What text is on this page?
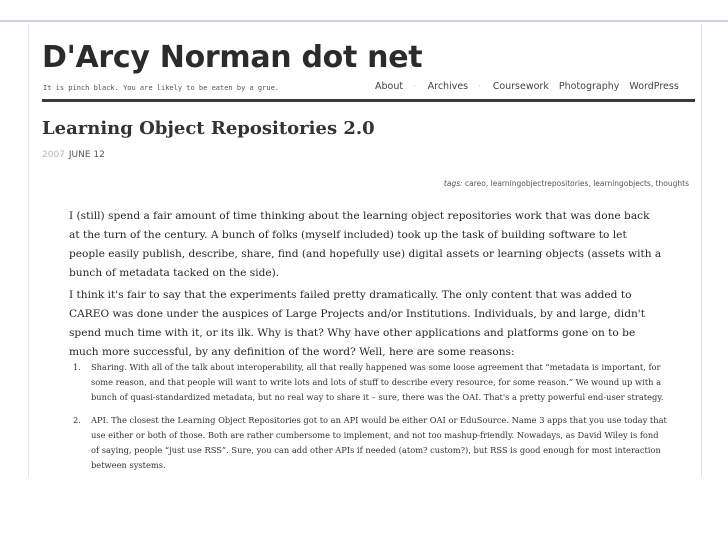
D'Arcy Norman dot net
It is pinch black. You are likely to be eaten by a grue.	About · Archives · Coursework Photography WordPress
Learning Object Repositories 2.0
2007 JUNE 12
tags: careo, learningobjectrepositories, learningobjects, thoughts

I (still) spend a fair amount of time thinking about the learning object repositories work that was done back at the turn of the century. A bunch of folks (myself included) took up the task of building software to let people easily publish, describe, share, find (and hopefully use) digital assets or learning objects (assets with a bunch of metadata tacked on the side).

I think it's fair to say that the experiments failed pretty dramatically. The only content that was added to CAREO was done under the auspices of Large Projects and/or Institutions. Individuals, by and large, didn't spend much time with it, or its ilk. Why is that? Why have other applications and platforms gone on to be much more successful, by any definition of the word? Well, here are some reasons:

1. Sharing. With all of the talk about interoperability, all that really happened was some loose agreement that “metadata is important, for some reason, and that people will want to write lots and lots of stuff to describe every resource, for some reason.” We wound up with a bunch of quasi-standardized metadata, but no real way to share it – sure, there was the OAI. That's a pretty powerful end-user strategy.
2. API. The closest the Learning Object Repositories got to an API would be either OAI or EduSource. Name 3 apps that you use today that use either or both of those. Both are rather cumbersome to implement, and not too mashup-friendly. Nowadays, as David Wiley is fond of saying, people “just use RSS”. Sure, you can add other APIs if needed (atom? custom?), but RSS is good enough for most interaction between systems.
